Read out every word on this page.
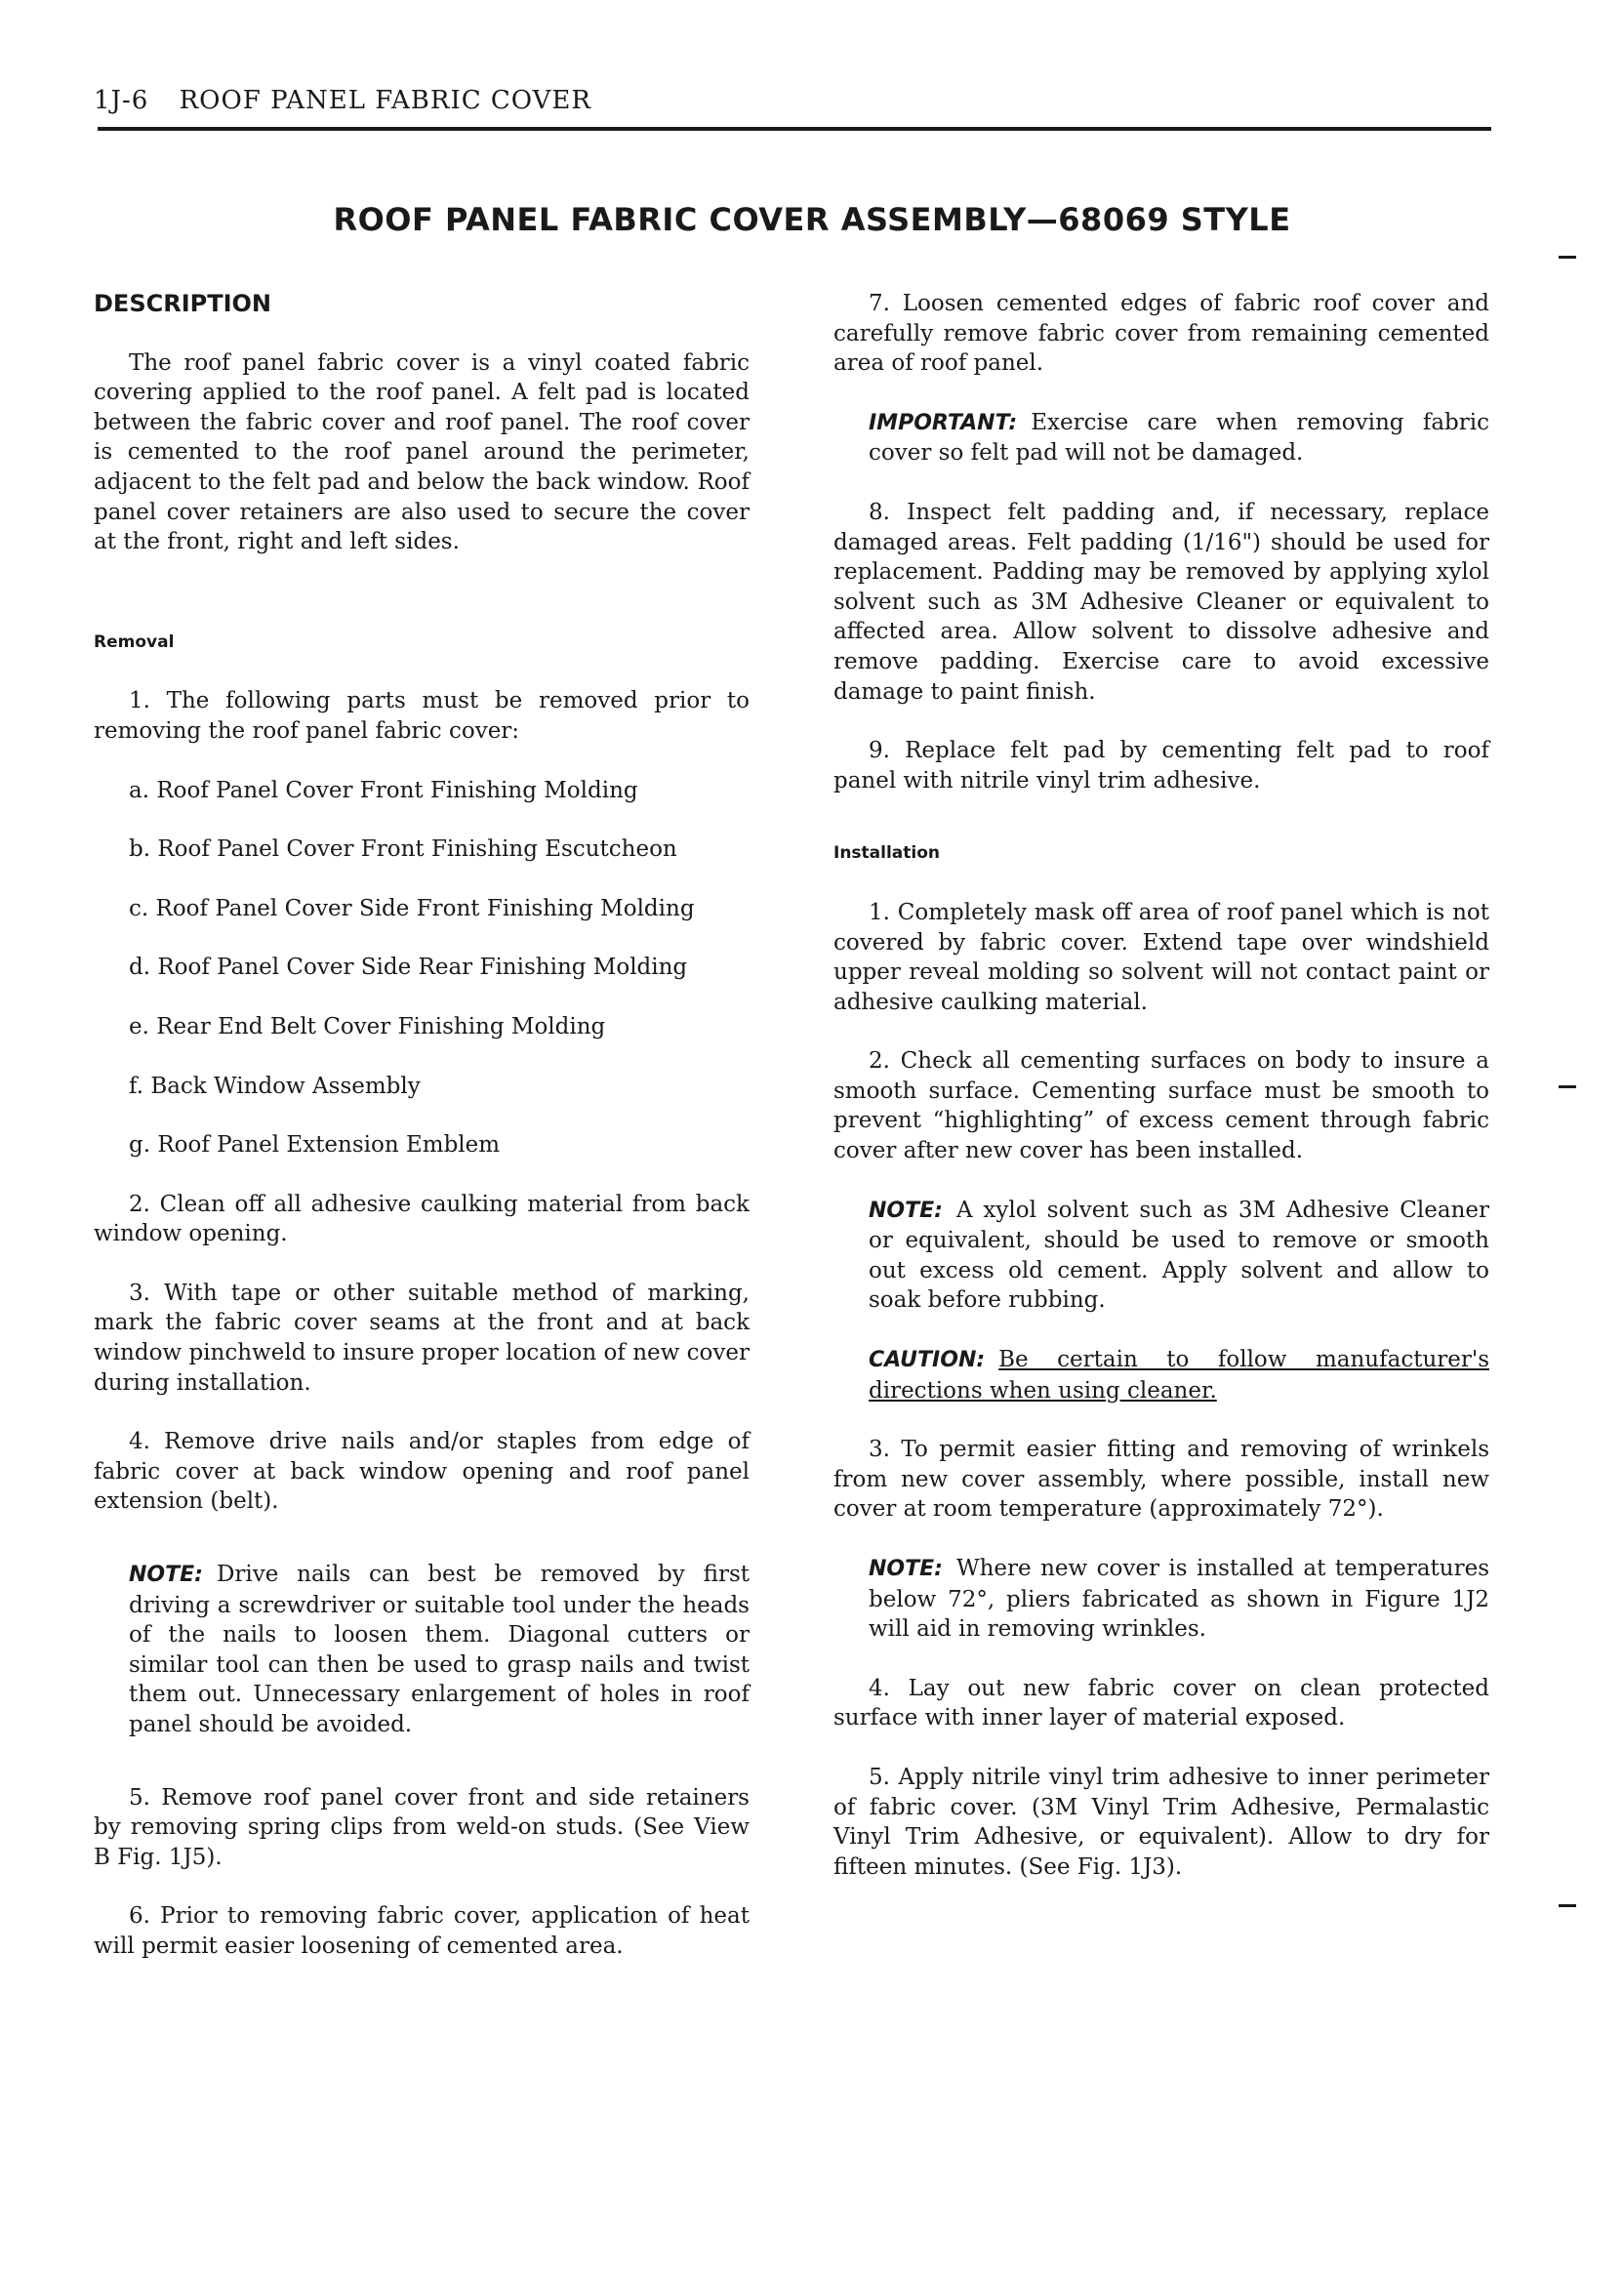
1J-6 ROOF PANEL FABRIC COVER
ROOF PANEL FABRIC COVER ASSEMBLY—68069 STYLE

DESCRIPTION

The roof panel fabric cover is a vinyl coated fabric covering applied to the roof panel. A felt pad is located between the fabric cover and roof panel. The roof cover is cemented to the roof panel around the perimeter, adjacent to the felt pad and below the back window. Roof panel cover retainers are also used to secure the cover at the front, right and left sides.

Removal

1. The following parts must be removed prior to removing the roof panel fabric cover:

a. Roof Panel Cover Front Finishing Molding

b. Roof Panel Cover Front Finishing Escutcheon

c. Roof Panel Cover Side Front Finishing Molding

d. Roof Panel Cover Side Rear Finishing Molding

e. Rear End Belt Cover Finishing Molding

f. Back Window Assembly

g. Roof Panel Extension Emblem

2. Clean off all adhesive caulking material from back window opening.

3. With tape or other suitable method of marking, mark the fabric cover seams at the front and at back window pinchweld to insure proper location of new cover during installation.

4. Remove drive nails and/or staples from edge of fabric cover at back window opening and roof panel extension (belt).

NOTE: Drive nails can best be removed by first driving a screwdriver or suitable tool under the heads of the nails to loosen them. Diagonal cutters or similar tool can then be used to grasp nails and twist them out. Unnecessary enlargement of holes in roof panel should be avoided.

5. Remove roof panel cover front and side retainers by removing spring clips from weld-on studs. (See View B Fig. 1J5).

6. Prior to removing fabric cover, application of heat will permit easier loosening of cemented area.

7. Loosen cemented edges of fabric roof cover and carefully remove fabric cover from remaining cemented area of roof panel.

IMPORTANT: Exercise care when removing fabric cover so felt pad will not be damaged.

8. Inspect felt padding and, if necessary, replace damaged areas. Felt padding (1/16") should be used for replacement. Padding may be removed by applying xylol solvent such as 3M Adhesive Cleaner or equivalent to affected area. Allow solvent to dissolve adhesive and remove padding. Exercise care to avoid excessive damage to paint finish.

9. Replace felt pad by cementing felt pad to roof panel with nitrile vinyl trim adhesive.

Installation

1. Completely mask off area of roof panel which is not covered by fabric cover. Extend tape over windshield upper reveal molding so solvent will not contact paint or adhesive caulking material.

2. Check all cementing surfaces on body to insure a smooth surface. Cementing surface must be smooth to prevent “highlighting” of excess cement through fabric cover after new cover has been installed.

NOTE: A xylol solvent such as 3M Adhesive Cleaner or equivalent, should be used to remove or smooth out excess old cement. Apply solvent and allow to soak before rubbing.

CAUTION: Be certain to follow manufacturer's directions when using cleaner.

3. To permit easier fitting and removing of wrinkels from new cover assembly, where possible, install new cover at room temperature (approximately 72°).

NOTE: Where new cover is installed at temperatures below 72°, pliers fabricated as shown in Figure 1J2 will aid in removing wrinkles.

4. Lay out new fabric cover on clean protected surface with inner layer of material exposed.

5. Apply nitrile vinyl trim adhesive to inner perimeter of fabric cover. (3M Vinyl Trim Adhesive, Permalastic Vinyl Trim Adhesive, or equivalent). Allow to dry for fifteen minutes. (See Fig. 1J3).
